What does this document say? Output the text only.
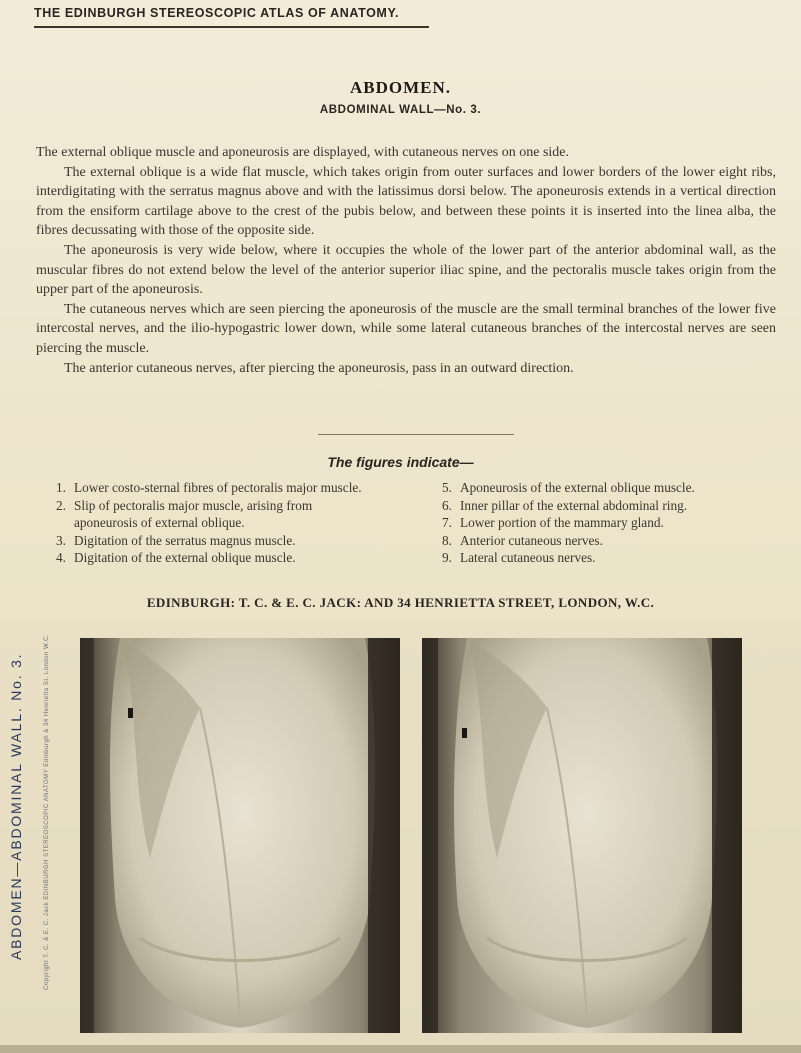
THE EDINBURGH STEREOSCOPIC ATLAS OF ANATOMY.
ABDOMEN.
ABDOMINAL WALL—No. 3.

The external oblique muscle and aponeurosis are displayed, with cutaneous nerves on one side.

The external oblique is a wide flat muscle, which takes origin from outer surfaces and lower borders of the lower eight ribs, interdigitating with the serratus magnus above and with the latissimus dorsi below. The aponeurosis extends in a vertical direction from the ensiform cartilage above to the crest of the pubis below, and between these points it is inserted into the linea alba, the fibres decussating with those of the opposite side.

The aponeurosis is very wide below, where it occupies the whole of the lower part of the anterior abdominal wall, as the muscular fibres do not extend below the level of the anterior superior iliac spine, and the pectoralis muscle takes origin from the upper part of the aponeurosis.

The cutaneous nerves which are seen piercing the aponeurosis of the muscle are the small terminal branches of the lower five intercostal nerves, and the ilio-hypogastric lower down, while some lateral cutaneous branches of the intercostal nerves are seen piercing the muscle.

The anterior cutaneous nerves, after piercing the aponeurosis, pass in an outward direction.

The figures indicate—
1. Lower costo-sternal fibres of pectoralis major muscle.
2. Slip of pectoralis major muscle, arising from aponeurosis of external oblique.
3. Digitation of the serratus magnus muscle.
4. Digitation of the external oblique muscle.
5. Aponeurosis of the external oblique muscle.
6. Inner pillar of the external abdominal ring.
7. Lower portion of the mammary gland.
8. Anterior cutaneous nerves.
9. Lateral cutaneous nerves.
EDINBURGH: T. C. & E. C. JACK: AND 34 HENRIETTA STREET, LONDON, W.C.
ABDOMEN—ABDOMINAL WALL. No. 3.	Copyright T. C. & E. C. Jack EDINBURGH STEREOSCOPIC ANATOMY Edinburgh & 34 Henrietta St. London W.C.
